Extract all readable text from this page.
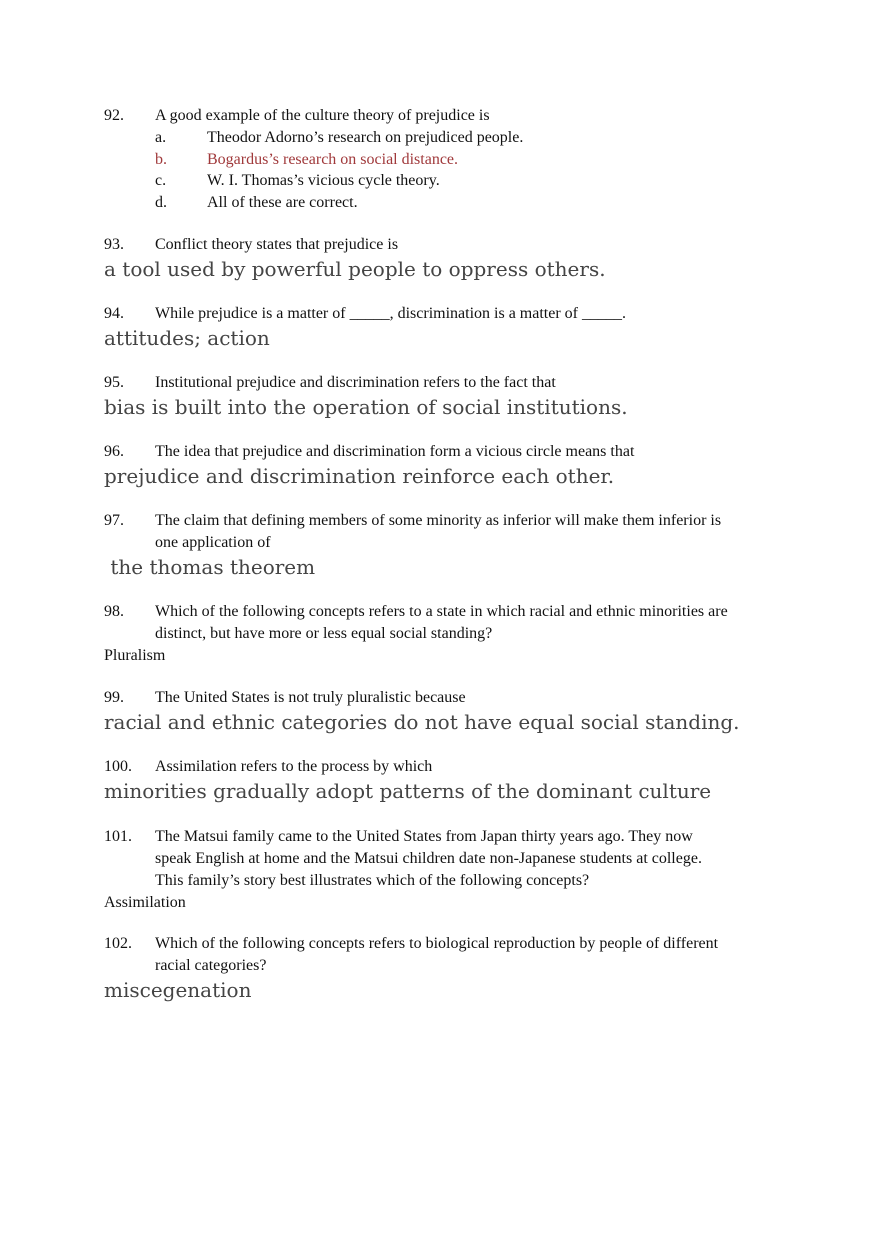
92. A good example of the culture theory of prejudice is
a.	Theodor Adorno’s research on prejudiced people.
b.	Bogardus’s research on social distance.
c.	W. I. Thomas’s vicious cycle theory.
d.	All of these are correct.
93. Conflict theory states that prejudice is
a tool used by powerful people to oppress others.
94. While prejudice is a matter of _____, discrimination is a matter of _____.
attitudes; action
95. Institutional prejudice and discrimination refers to the fact that
bias is built into the operation of social institutions.
96. The idea that prejudice and discrimination form a vicious circle means that
prejudice and discrimination reinforce each other.
97. The claim that defining members of some minority as inferior will make them inferior is
one application of
the thomas theorem
98. Which of the following concepts refers to a state in which racial and ethnic minorities are
distinct, but have more or less equal social standing?
Pluralism
99. The United States is not truly pluralistic because
racial and ethnic categories do not have equal social standing.
100. Assimilation refers to the process by which
minorities gradually adopt patterns of the dominant culture
101. The Matsui family came to the United States from Japan thirty years ago. They now
speak English at home and the Matsui children date non-Japanese students at college.
This family’s story best illustrates which of the following concepts?
Assimilation
102. Which of the following concepts refers to biological reproduction by people of different
racial categories?
miscegenation
